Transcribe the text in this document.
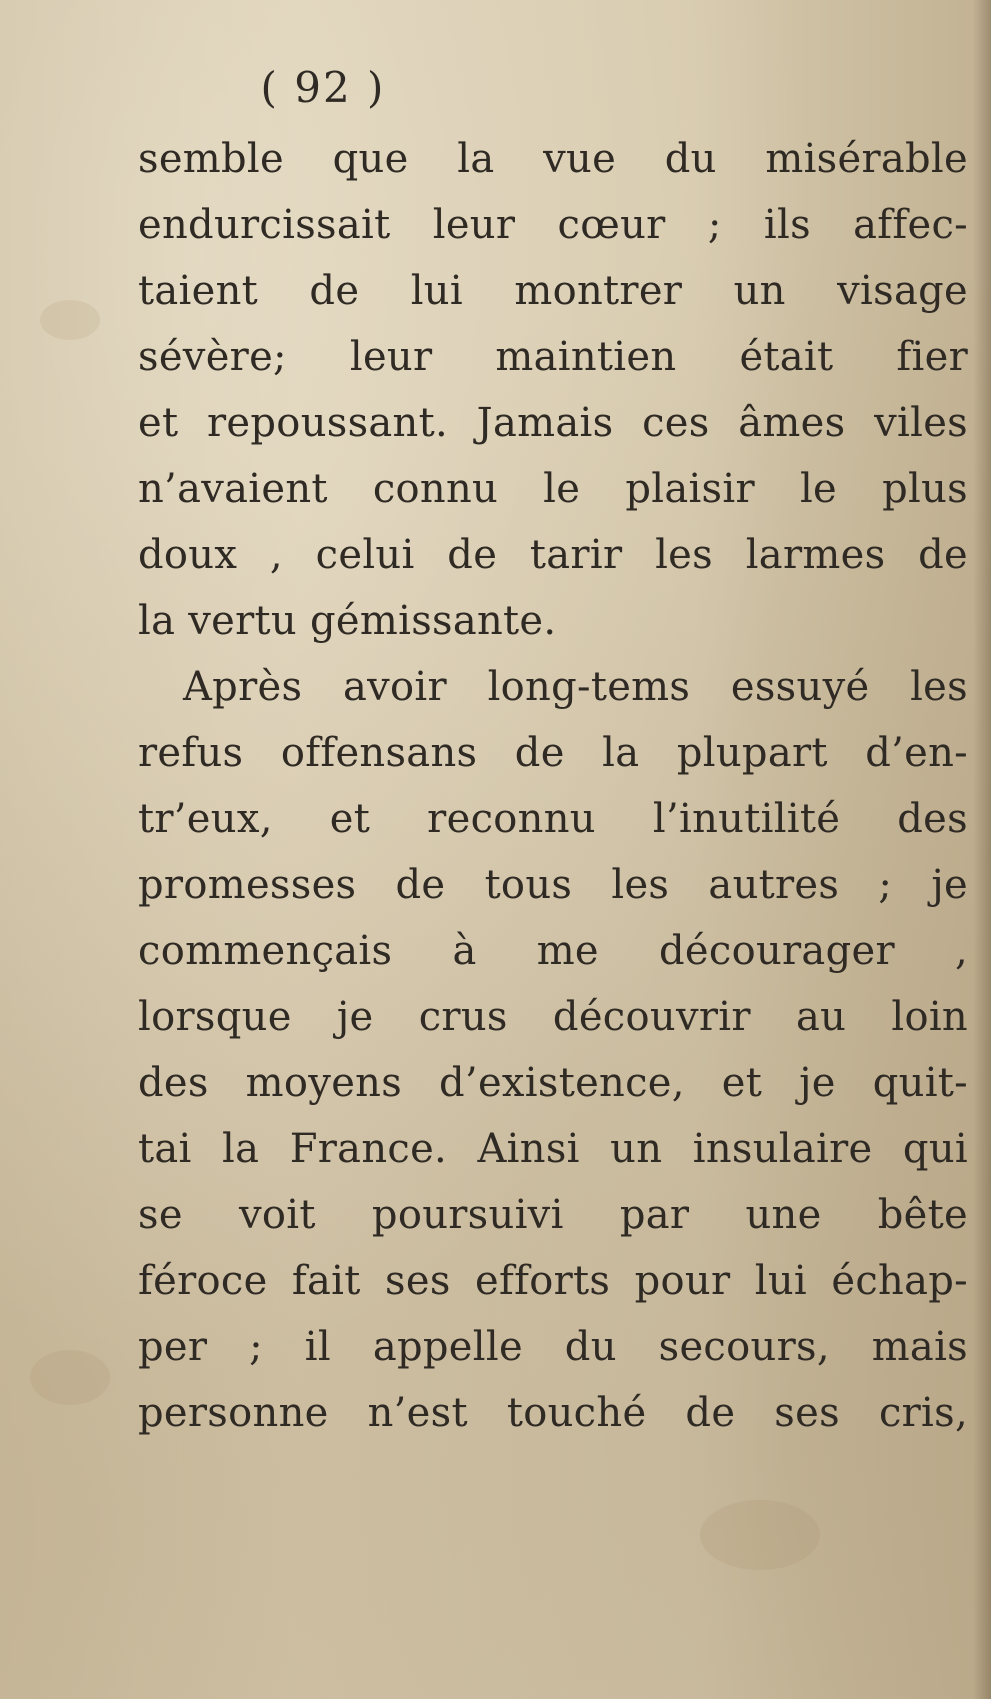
( 92 )
semble que la vue du misérable
endurcissait leur cœur ; ils affec-
taient de lui montrer un visage
sévère; leur maintien était fier
et repoussant. Jamais ces âmes viles
n’avaient connu le plaisir le plus
doux , celui de tarir les larmes de
la vertu gémissante.
Après avoir long-tems essuyé les
refus offensans de la plupart d’en-
tr’eux, et reconnu l’inutilité des
promesses de tous les autres ; je
commençais à me décourager ,
lorsque je crus découvrir au loin
des moyens d’existence, et je quit-
tai la France. Ainsi un insulaire qui
se voit poursuivi par une bête
féroce fait ses efforts pour lui échap-
per ; il appelle du secours, mais
personne n’est touché de ses cris,
